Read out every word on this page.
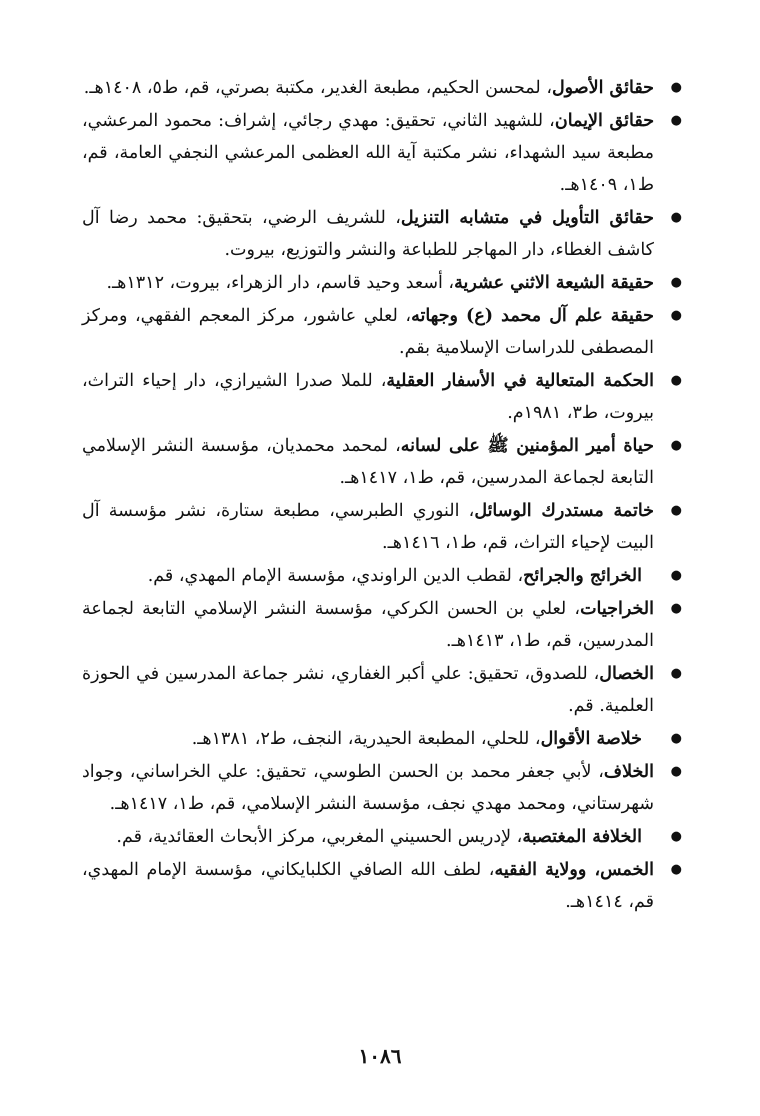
●
حقائق الأصول، لمحسن الحكيم، مطبعة الغدير، مكتبة بصرتي، قم، ط٥، ١٤٠٨هـ.
●
حقائق الإيمان، للشهيد الثاني، تحقيق: مهدي رجائي، إشراف: محمود المرعشي، مطبعة سيد الشهداء، نشر مكتبة آية الله العظمى المرعشي النجفي العامة، قم، ط١، ١٤٠٩هـ.
●
حقائق التأويل في متشابه التنزيل، للشريف الرضي، بتحقيق: محمد رضا آل كاشف الغطاء، دار المهاجر للطباعة والنشر والتوزيع، بيروت.
●
حقيقة الشيعة الاثني عشرية، أسعد وحيد قاسم، دار الزهراء، بيروت، ١٣١٢هـ.
●
حقيقة علم آل محمد (ع) وجهاته، لعلي عاشور، مركز المعجم الفقهي، ومركز المصطفى للدراسات الإسلامية بقم.
●
الحكمة المتعالية في الأسفار العقلية، للملا صدرا الشيرازي، دار إحياء التراث، بيروت، ط٣، ١٩٨١م.
●
حياة أمير المؤمنين ﷺ على لسانه، لمحمد محمديان، مؤسسة النشر الإسلامي التابعة لجماعة المدرسين، قم، ط١، ١٤١٧هـ.
●
خاتمة مستدرك الوسائل، النوري الطبرسي، مطبعة ستارة، نشر مؤسسة آل البيت لإحياء التراث، قم، ط١، ١٤١٦هـ.
●
الخرائج والجرائح، لقطب الدين الراوندي، مؤسسة الإمام المهدي، قم.
●
الخراجيات، لعلي بن الحسن الكركي، مؤسسة النشر الإسلامي التابعة لجماعة المدرسين، قم، ط١، ١٤١٣هـ.
●
الخصال، للصدوق، تحقيق: علي أكبر الغفاري، نشر جماعة المدرسين في الحوزة العلمية. قم.
●
خلاصة الأقوال، للحلي، المطبعة الحيدرية، النجف، ط٢، ١٣٨١هـ.
●
الخلاف، لأبي جعفر محمد بن الحسن الطوسي، تحقيق: علي الخراساني، وجواد شهرستاني، ومحمد مهدي نجف، مؤسسة النشر الإسلامي، قم، ط١، ١٤١٧هـ.
●
الخلافة المغتصبة، لإدريس الحسيني المغربي، مركز الأبحاث العقائدية، قم.
●
الخمس، وولاية الفقيه، لطف الله الصافي الكلبايكاني، مؤسسة الإمام المهدي، قم، ١٤١٤هـ.
١٠٨٦
